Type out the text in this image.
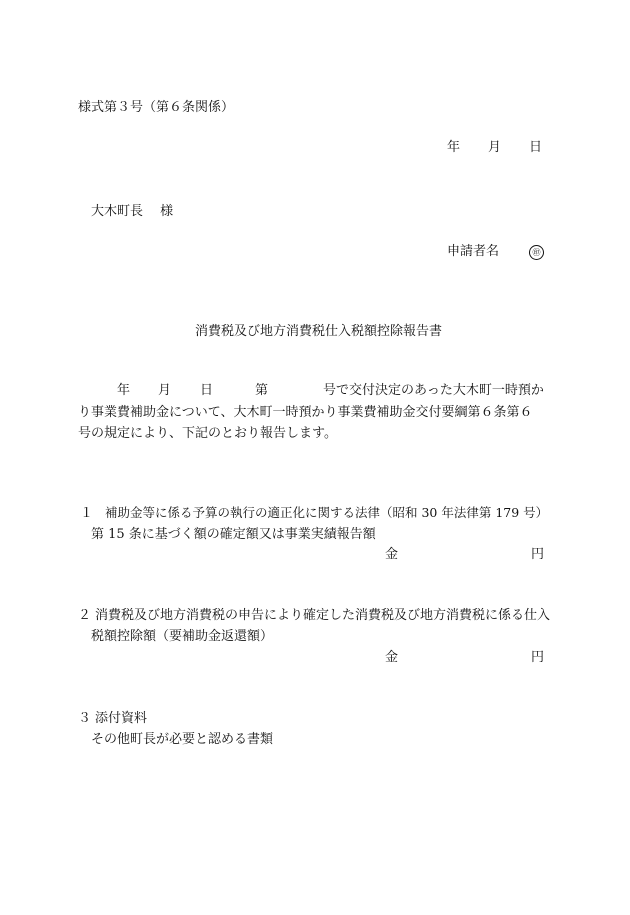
様式第３号（第６条関係）
年 月 日
大木町長　 様
申請者名	㊞
消費税及び地方消費税仕入税額控除報告書
年 月 日	第	号で交付決定のあった大木町一時預か
り事業費補助金について、大木町一時預かり事業費補助金交付要綱第６条第６
号の規定により、下記のとおり報告します。
１ 補助金等に係る予算の執行の適正化に関する法律（昭和 30 年法律第 179 号）
第 15 条に基づく額の確定額又は事業実績報告額
金	円
２ 消費税及び地方消費税の申告により確定した消費税及び地方消費税に係る仕入
税額控除額（要補助金返還額）
金	円
３ 添付資料
その他町長が必要と認める書類
